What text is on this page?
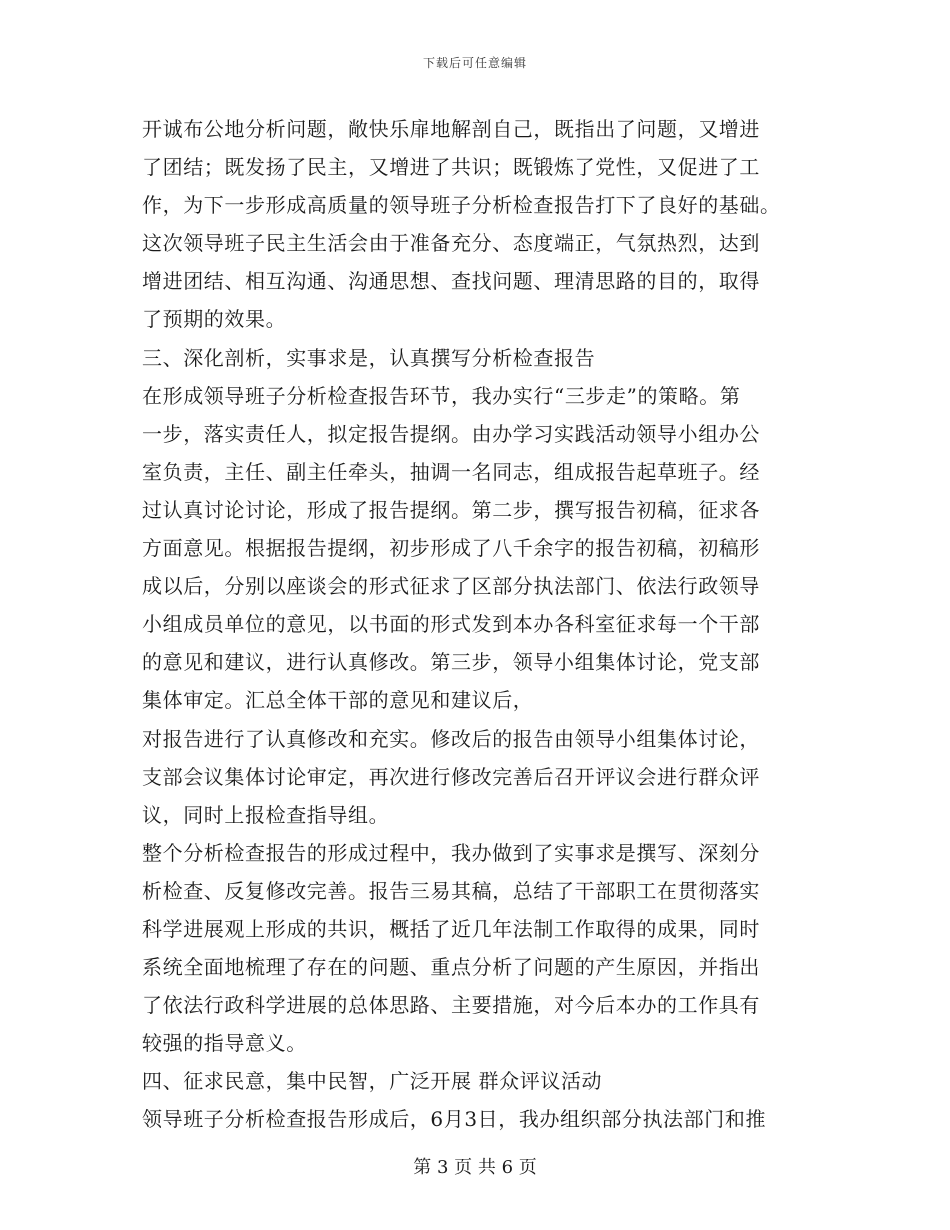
下载后可任意编辑
开诚布公地分析问题，敞快乐扉地解剖自己，既指出了问题，又增进
了团结；既发扬了民主，又增进了共识；既锻炼了党性，又促进了工
作，为下一步形成高质量的领导班子分析检查报告打下了良好的基础。
这次领导班子民主生活会由于准备充分、态度端正，气氛热烈，达到
增进团结、相互沟通、沟通思想、查找问题、理清思路的目的，取得
了预期的效果。
三、深化剖析，实事求是，认真撰写分析检查报告
在形成领导班子分析检查报告环节，我办实行“三步走”的策略。第
一步，落实责任人，拟定报告提纲。由办学习实践活动领导小组办公
室负责，主任、副主任牵头，抽调一名同志，组成报告起草班子。经
过认真讨论讨论，形成了报告提纲。第二步，撰写报告初稿，征求各
方面意见。根据报告提纲，初步形成了八千余字的报告初稿，初稿形
成以后，分别以座谈会的形式征求了区部分执法部门、依法行政领导
小组成员单位的意见，以书面的形式发到本办各科室征求每一个干部
的意见和建议，进行认真修改。第三步，领导小组集体讨论，党支部
集体审定。汇总全体干部的意见和建议后，
对报告进行了认真修改和充实。修改后的报告由领导小组集体讨论，
支部会议集体讨论审定，再次进行修改完善后召开评议会进行群众评
议，同时上报检查指导组。
整个分析检查报告的形成过程中，我办做到了实事求是撰写、深刻分
析检查、反复修改完善。报告三易其稿，总结了干部职工在贯彻落实
科学进展观上形成的共识，概括了近几年法制工作取得的成果，同时
系统全面地梳理了存在的问题、重点分析了问题的产生原因，并指出
了依法行政科学进展的总体思路、主要措施，对今后本办的工作具有
较强的指导意义。
四、征求民意，集中民智，广泛开展 群众评议活动
领导班子分析检查报告形成后，6月3日，我办组织部分执法部门和推
第 3 页 共 6 页
